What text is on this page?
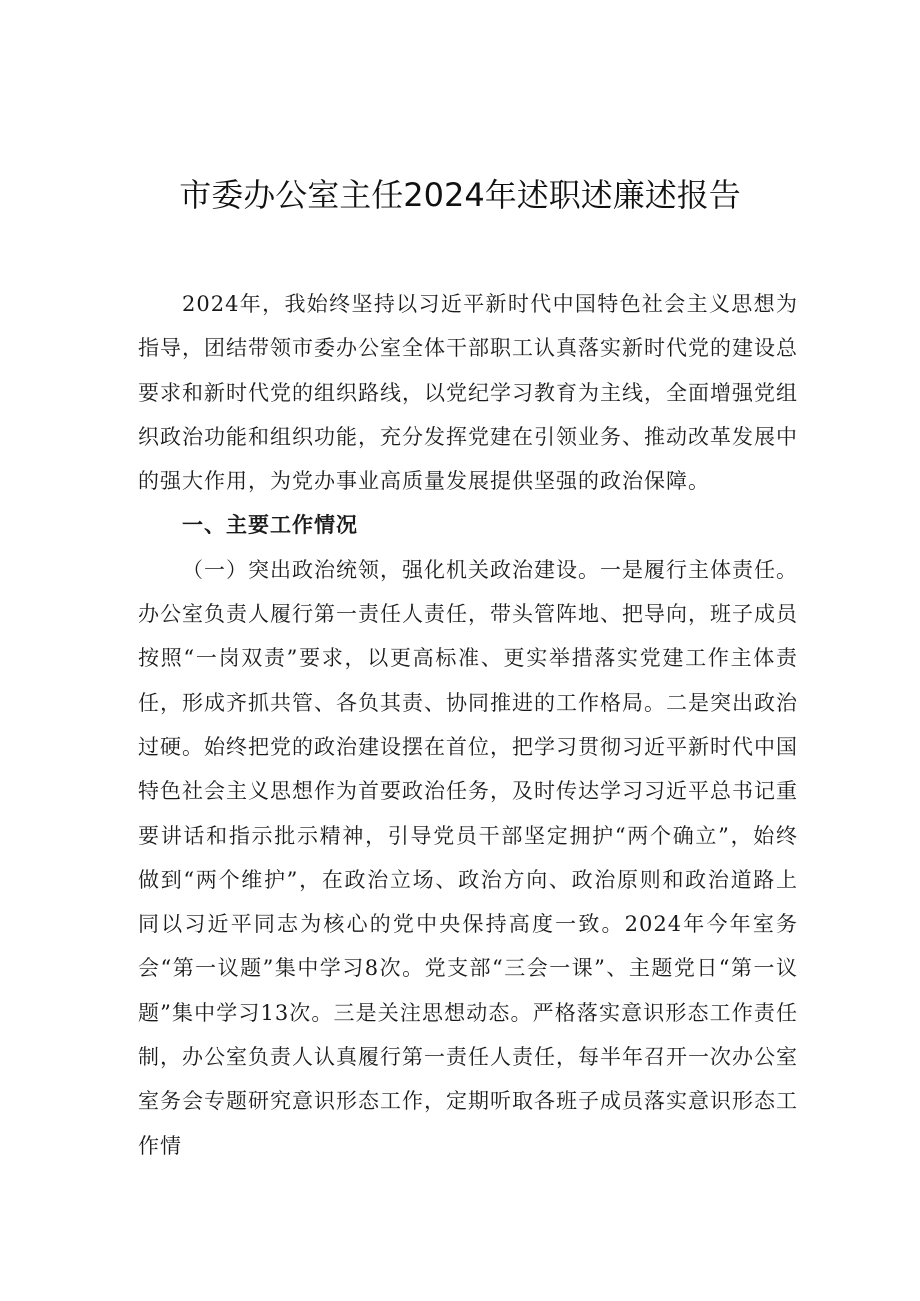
市委办公室主任2024年述职述廉述报告

2024年，我始终坚持以习近平新时代中国特色社会主义思想为指导，团结带领市委办公室全体干部职工认真落实新时代党的建设总要求和新时代党的组织路线，以党纪学习教育为主线，全面增强党组织政治功能和组织功能，充分发挥党建在引领业务、推动改革发展中的强大作用，为党办事业高质量发展提供坚强的政治保障。

一、主要工作情况

（一）突出政治统领，强化机关政治建设。一是履行主体责任。办公室负责人履行第一责任人责任，带头管阵地、把导向，班子成员按照“一岗双责”要求，以更高标准、更实举措落实党建工作主体责任，形成齐抓共管、各负其责、协同推进的工作格局。二是突出政治过硬。始终把党的政治建设摆在首位，把学习贯彻习近平新时代中国特色社会主义思想作为首要政治任务，及时传达学习习近平总书记重要讲话和指示批示精神，引导党员干部坚定拥护“两个确立”，始终做到“两个维护”，在政治立场、政治方向、政治原则和政治道路上同以习近平同志为核心的党中央保持高度一致。2024年今年室务会“第一议题”集中学习8次。党支部“三会一课”、主题党日“第一议题”集中学习13次。三是关注思想动态。严格落实意识形态工作责任制，办公室负责人认真履行第一责任人责任，每半年召开一次办公室室务会专题研究意识形态工作，定期听取各班子成员落实意识形态工作情
